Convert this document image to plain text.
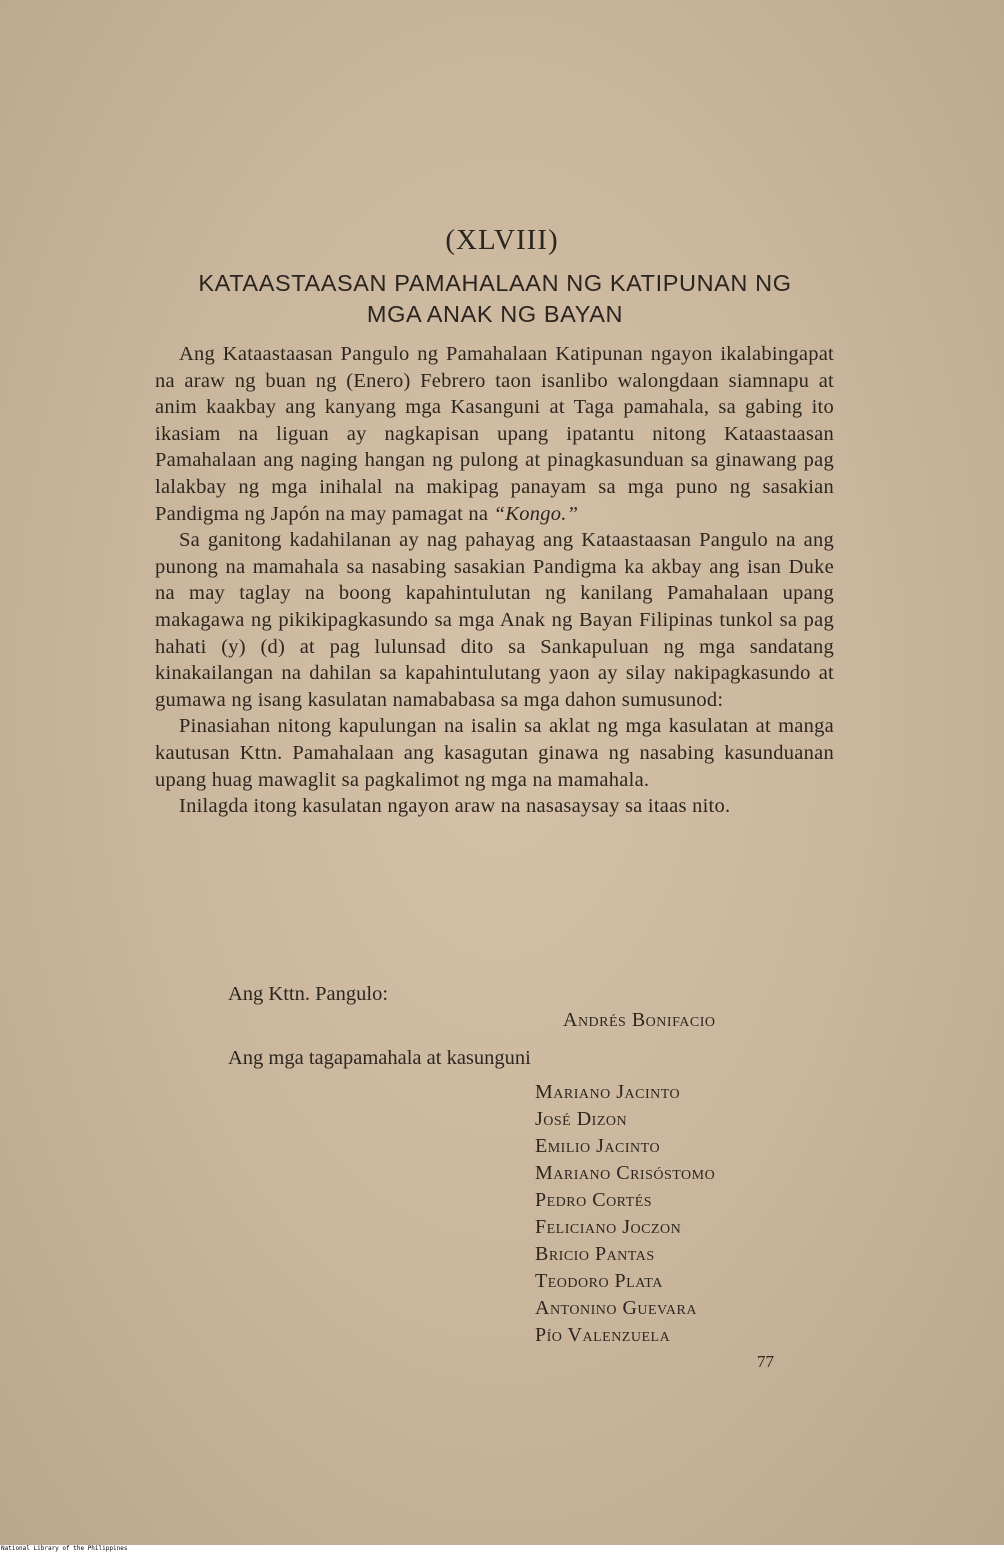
(XLVIII)
KATAASTAASAN PAMAHALAAN NG KATIPUNAN NG
MGA ANAK NG BAYAN

Ang Kataastaasan Pangulo ng Pamahalaan Katipunan ngayon ikalabingapat na araw ng buan ng (Enero) Febrero taon isanlibo walongdaan siamnapu at anim kaakbay ang kanyang mga Kasanguni at Taga pamahala, sa gabing ito ikasiam na liguan ay nagkapisan upang ipatantu nitong Kataastaasan Pamahalaan ang naging hangan ng pulong at pinagkasunduan sa ginawang pag lalakbay ng mga inihalal na makipag panayam sa mga puno ng sasakian Pandigma ng Japón na may pamagat na “Kongo.”

Sa ganitong kadahilanan ay nag pahayag ang Kataastaasan Pangulo na ang punong na mamahala sa nasabing sasakian Pandigma ka akbay ang isan Duke na may taglay na boong kapahintulutan ng kanilang Pamahalaan upang makagawa ng pikikipagkasundo sa mga Anak ng Bayan Filipinas tunkol sa pag hahati (y) (d) at pag lulunsad dito sa Sankapuluan ng mga sandatang kinakailangan na dahilan sa kapahintulutang yaon ay silay nakipagkasundo at gumawa ng isang kasulatan namababasa sa mga dahon sumusunod:

Pinasiahan nitong kapulungan na isalin sa aklat ng mga kasulatan at manga kautusan Kttn. Pamahalaan ang kasagutan ginawa ng nasabing kasunduanan upang huag mawaglit sa pagkalimot ng mga na mamahala.

Inilagda itong kasulatan ngayon araw na nasasaysay sa itaas nito.

Ang Kttn. Pangulo:
Andrés Bonifacio
Ang mga tagapamahala at kasunguni
Mariano Jacinto
José Dizon
Emilio Jacinto
Mariano Crisóstomo
Pedro Cortés
Feliciano Joczon
Bricio Pantas
Teodoro Plata
Antonino Guevara
Pío Valenzuela
77
National Library of the Philippines
